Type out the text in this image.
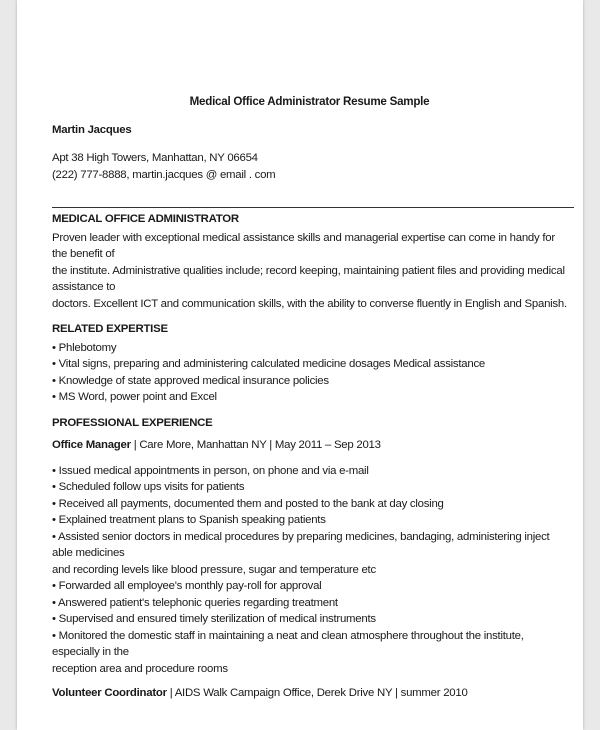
Medical Office Administrator Resume Sample
Martin Jacques

Apt 38 High Towers, Manhattan, NY 06654

(222) 777-8888, martin.jacques @ email . com

MEDICAL OFFICE ADMINISTRATOR

Proven leader with exceptional medical assistance skills and managerial expertise can come in handy for the benefit of

the institute. Administrative qualities include; record keeping, maintaining patient files and providing medical assistance to

doctors. Excellent ICT and communication skills, with the ability to converse fluently in English and Spanish.

RELATED EXPERTISE
• Phlebotomy
• Vital signs, preparing and administering calculated medicine dosages Medical assistance
• Knowledge of state approved medical insurance policies
• MS Word, power point and Excel
PROFESSIONAL EXPERIENCE
Office Manager | Care More, Manhattan NY | May 2011 – Sep 2013
• Issued medical appointments in person, on phone and via e-mail
• Scheduled follow ups visits for patients
• Received all payments, documented them and posted to the bank at day closing
• Explained treatment plans to Spanish speaking patients
• Assisted senior doctors in medical procedures by preparing medicines, bandaging, administering inject able medicines
and recording levels like blood pressure, sugar and temperature etc
• Forwarded all employee's monthly pay-roll for approval
• Answered patient's telephonic queries regarding treatment
• Supervised and ensured timely sterilization of medical instruments
• Monitored the domestic staff in maintaining a neat and clean atmosphere throughout the institute, especially in the
reception area and procedure rooms
Volunteer Coordinator | AIDS Walk Campaign Office, Derek Drive NY | summer 2010
